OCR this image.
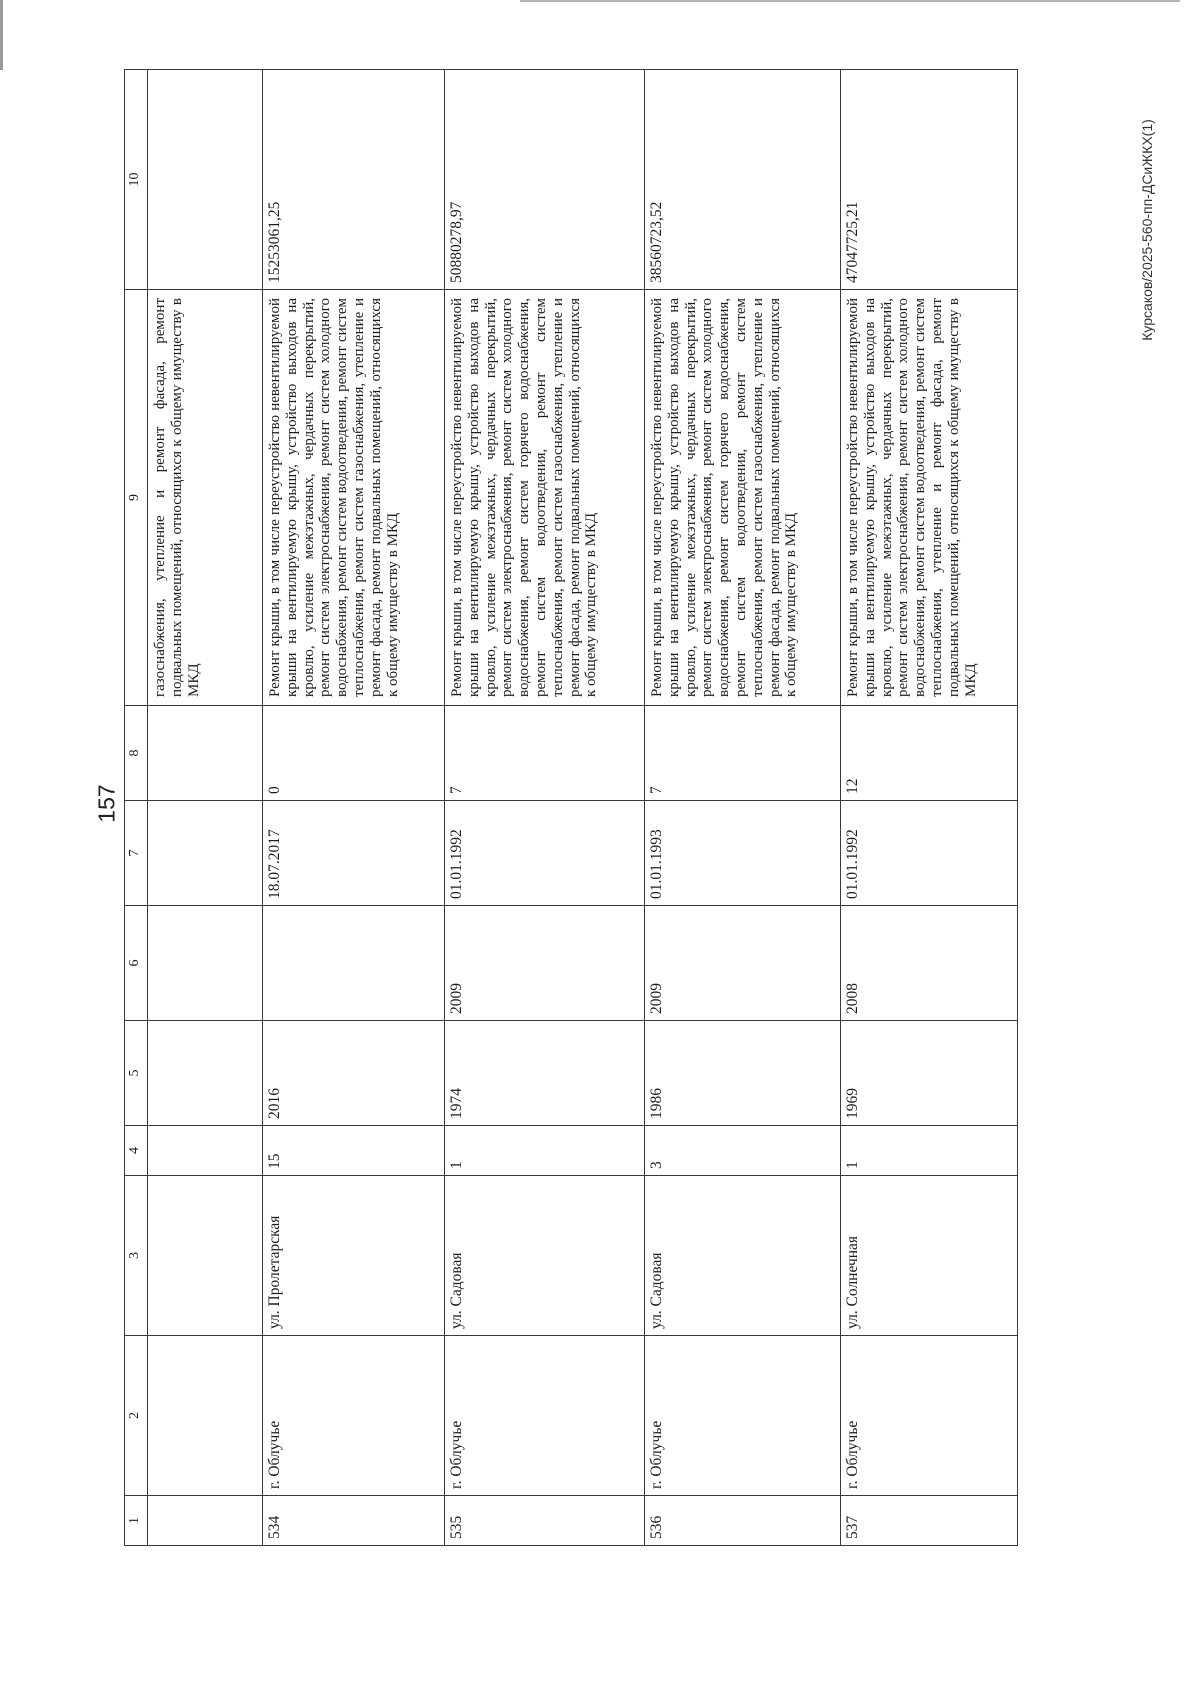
157
Курсаков/2025-560-пп-ДСиЖКХ(1)
1	2	3	4	5	6	7	8	9	10
								газоснабжения, утепление и ремонт фасада, ремонт подвальных помещений, относящихся к общему имуществу в МКД	
534	г. Облучье	ул. Пролетарская	15	2016		18.07.2017	0	Ремонт крыши, в том числе переустройство невентилируемой крыши на вентилируемую крышу, устройство выходов на кровлю, усиление межэтажных, чердачных перекрытий, ремонт систем электроснабжения, ремонт систем холодного водоснабжения, ремонт систем водоотведения, ремонт систем теплоснабжения, ремонт систем газоснабжения, утепление и ремонт фасада, ремонт подвальных помещений, относящихся к общему имуществу в МКД	15253061,25
535	г. Облучье	ул. Садовая	1	1974	2009	01.01.1992	7	Ремонт крыши, в том числе переустройство невентилируемой крыши на вентилируемую крышу, устройство выходов на кровлю, усиление межэтажных, чердачных перекрытий, ремонт систем электроснабжения, ремонт систем холодного водоснабжения, ремонт систем горячего водоснабжения, ремонт систем водоотведения, ремонт систем теплоснабжения, ремонт систем газоснабжения, утепление и ремонт фасада, ремонт подвальных помещений, относящихся к общему имуществу в МКД	50880278,97
536	г. Облучье	ул. Садовая	3	1986	2009	01.01.1993	7	Ремонт крыши, в том числе переустройство невентилируемой крыши на вентилируемую крышу, устройство выходов на кровлю, усиление межэтажных, чердачных перекрытий, ремонт систем электроснабжения, ремонт систем холодного водоснабжения, ремонт систем горячего водоснабжения, ремонт систем водоотведения, ремонт систем теплоснабжения, ремонт систем газоснабжения, утепление и ремонт фасада, ремонт подвальных помещений, относящихся к общему имуществу в МКД	38560723,52
537	г. Облучье	ул. Солнечная	1	1969	2008	01.01.1992	12	Ремонт крыши, в том числе переустройство невентилируемой крыши на вентилируемую крышу, устройство выходов на кровлю, усиление межэтажных, чердачных перекрытий, ремонт систем электроснабжения, ремонт систем холодного водоснабжения, ремонт систем водоотведения, ремонт систем теплоснабжения, утепление и ремонт фасада, ремонт подвальных помещений, относящихся к общему имуществу в МКД	47047725,21
